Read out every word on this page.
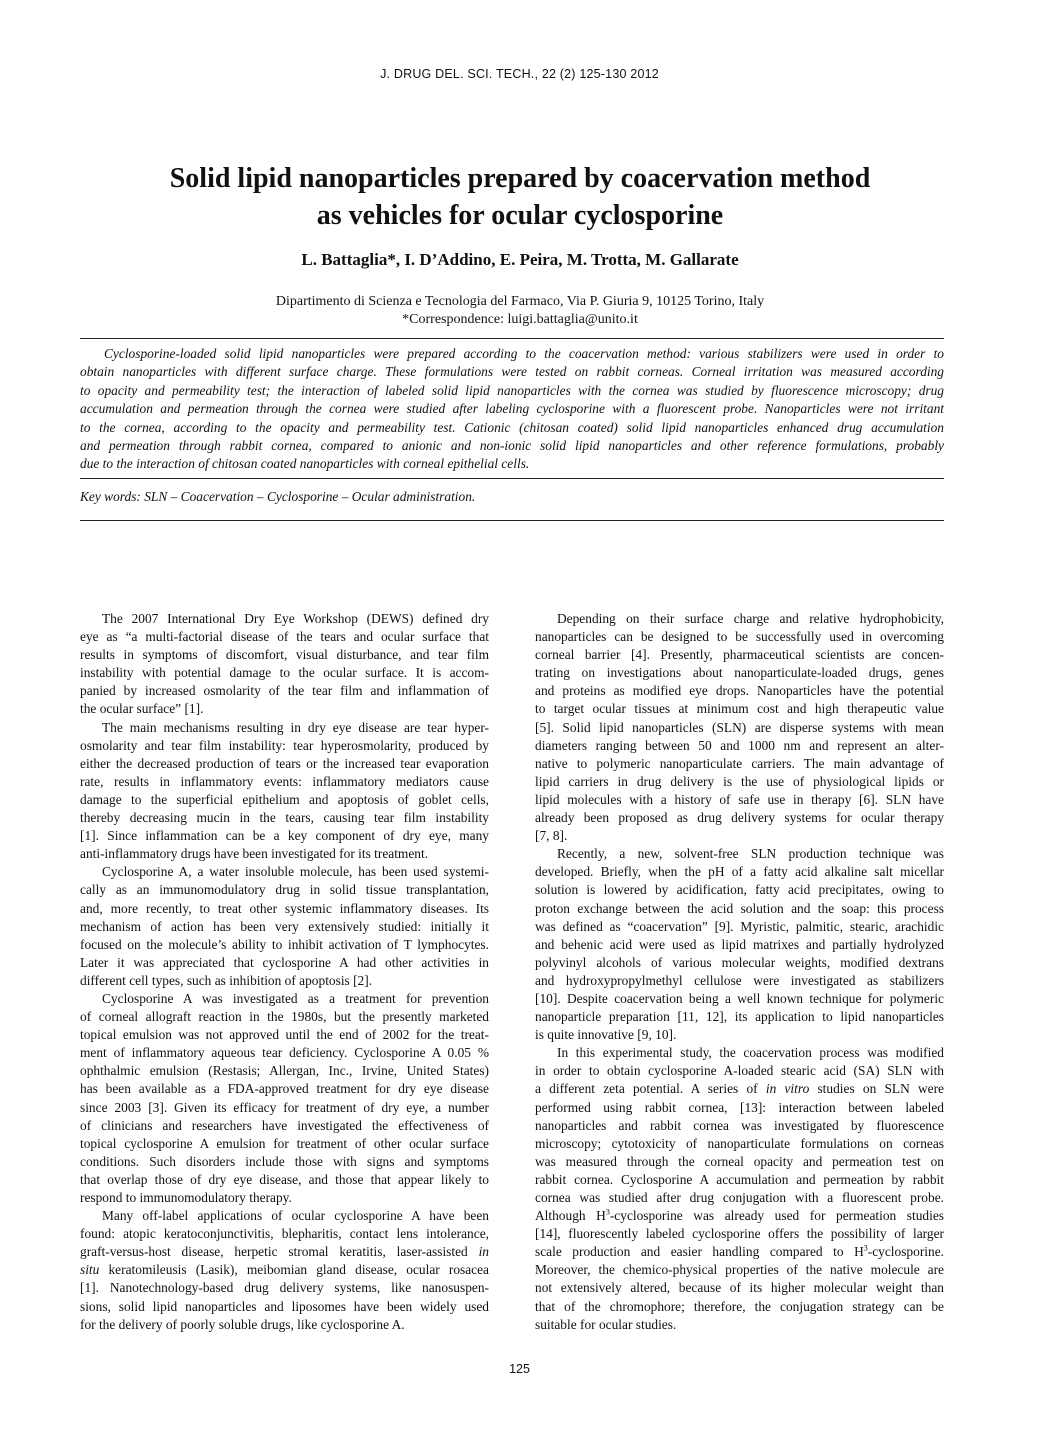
J. DRUG DEL. SCI. TECH., 22 (2) 125-130 2012
Solid lipid nanoparticles prepared by coacervation method
as vehicles for ocular cyclosporine
L. Battaglia*, I. D’Addino, E. Peira, M. Trotta, M. Gallarate
Dipartimento di Scienza e Tecnologia del Farmaco, Via P. Giuria 9, 10125 Torino, Italy
*Correspondence: luigi.battaglia@unito.it

Cyclosporine-loaded solid lipid nanoparticles were prepared according to the coacervation method: various stabilizers were used in order to
obtain nanoparticles with different surface charge. These formulations were tested on rabbit corneas. Corneal irritation was measured according
to opacity and permeability test; the interaction of labeled solid lipid nanoparticles with the cornea was studied by fluorescence microscopy; drug
accumulation and permeation through the cornea were studied after labeling cyclosporine with a fluorescent probe. Nanoparticles were not irritant
to the cornea, according to the opacity and permeability test. Cationic (chitosan coated) solid lipid nanoparticles enhanced drug accumulation
and permeation through rabbit cornea, compared to anionic and non-ionic solid lipid nanoparticles and other reference formulations, probably
due to the interaction of chitosan coated nanoparticles with corneal epithelial cells.

Key words: SLN – Coacervation – Cyclosporine – Ocular administration.
The 2007 International Dry Eye Workshop (DEWS) defined dry
eye as “a multi-factorial disease of the tears and ocular surface that
results in symptoms of discomfort, visual disturbance, and tear film
instability with potential damage to the ocular surface. It is accom-
panied by increased osmolarity of the tear film and inflammation of
the ocular surface” [1].
The main mechanisms resulting in dry eye disease are tear hyper-
osmolarity and tear film instability: tear hyperosmolarity, produced by
either the decreased production of tears or the increased tear evaporation
rate, results in inflammatory events: inflammatory mediators cause
damage to the superficial epithelium and apoptosis of goblet cells,
thereby decreasing mucin in the tears, causing tear film instability
[1]. Since inflammation can be a key component of dry eye, many
anti-inflammatory drugs have been investigated for its treatment.
Cyclosporine A, a water insoluble molecule, has been used systemi-
cally as an immunomodulatory drug in solid tissue transplantation,
and, more recently, to treat other systemic inflammatory diseases. Its
mechanism of action has been very extensively studied: initially it
focused on the molecule’s ability to inhibit activation of T lymphocytes.
Later it was appreciated that cyclosporine A had other activities in
different cell types, such as inhibition of apoptosis [2].
Cyclosporine A was investigated as a treatment for prevention
of corneal allograft reaction in the 1980s, but the presently marketed
topical emulsion was not approved until the end of 2002 for the treat-
ment of inflammatory aqueous tear deficiency. Cyclosporine A 0.05 %
ophthalmic emulsion (Restasis; Allergan, Inc., Irvine, United States)
has been available as a FDA-approved treatment for dry eye disease
since 2003 [3]. Given its efficacy for treatment of dry eye, a number
of clinicians and researchers have investigated the effectiveness of
topical cyclosporine A emulsion for treatment of other ocular surface
conditions. Such disorders include those with signs and symptoms
that overlap those of dry eye disease, and those that appear likely to
respond to immunomodulatory therapy.
Many off-label applications of ocular cyclosporine A have been
found: atopic keratoconjunctivitis, blepharitis, contact lens intolerance,
graft-versus-host disease, herpetic stromal keratitis, laser-assisted in
situ keratomileusis (Lasik), meibomian gland disease, ocular rosacea
[1]. Nanotechnology-based drug delivery systems, like nanosuspen-
sions, solid lipid nanoparticles and liposomes have been widely used
for the delivery of poorly soluble drugs, like cyclosporine A.
Depending on their surface charge and relative hydrophobicity,
nanoparticles can be designed to be successfully used in overcoming
corneal barrier [4]. Presently, pharmaceutical scientists are concen-
trating on investigations about nanoparticulate-loaded drugs, genes
and proteins as modified eye drops. Nanoparticles have the potential
to target ocular tissues at minimum cost and high therapeutic value
[5]. Solid lipid nanoparticles (SLN) are disperse systems with mean
diameters ranging between 50 and 1000 nm and represent an alter-
native to polymeric nanoparticulate carriers. The main advantage of
lipid carriers in drug delivery is the use of physiological lipids or
lipid molecules with a history of safe use in therapy [6]. SLN have
already been proposed as drug delivery systems for ocular therapy
[7, 8].
Recently, a new, solvent-free SLN production technique was
developed. Briefly, when the pH of a fatty acid alkaline salt micellar
solution is lowered by acidification, fatty acid precipitates, owing to
proton exchange between the acid solution and the soap: this process
was defined as “coacervation” [9]. Myristic, palmitic, stearic, arachidic
and behenic acid were used as lipid matrixes and partially hydrolyzed
polyvinyl alcohols of various molecular weights, modified dextrans
and hydroxypropylmethyl cellulose were investigated as stabilizers
[10]. Despite coacervation being a well known technique for polymeric
nanoparticle preparation [11, 12], its application to lipid nanoparticles
is quite innovative [9, 10].
In this experimental study, the coacervation process was modified
in order to obtain cyclosporine A-loaded stearic acid (SA) SLN with
a different zeta potential. A series of in vitro studies on SLN were
performed using rabbit cornea, [13]: interaction between labeled
nanoparticles and rabbit cornea was investigated by fluorescence
microscopy; cytotoxicity of nanoparticulate formulations on corneas
was measured through the corneal opacity and permeation test on
rabbit cornea. Cyclosporine A accumulation and permeation by rabbit
cornea was studied after drug conjugation with a fluorescent probe.
Although $H^3$-cyclosporine was already used for permeation studies
[14], fluorescently labeled cyclosporine offers the possibility of larger
scale production and easier handling compared to $H^3$-cyclosporine.
Moreover, the chemico-physical properties of the native molecule are
not extensively altered, because of its higher molecular weight than
that of the chromophore; therefore, the conjugation strategy can be
suitable for ocular studies.
125
